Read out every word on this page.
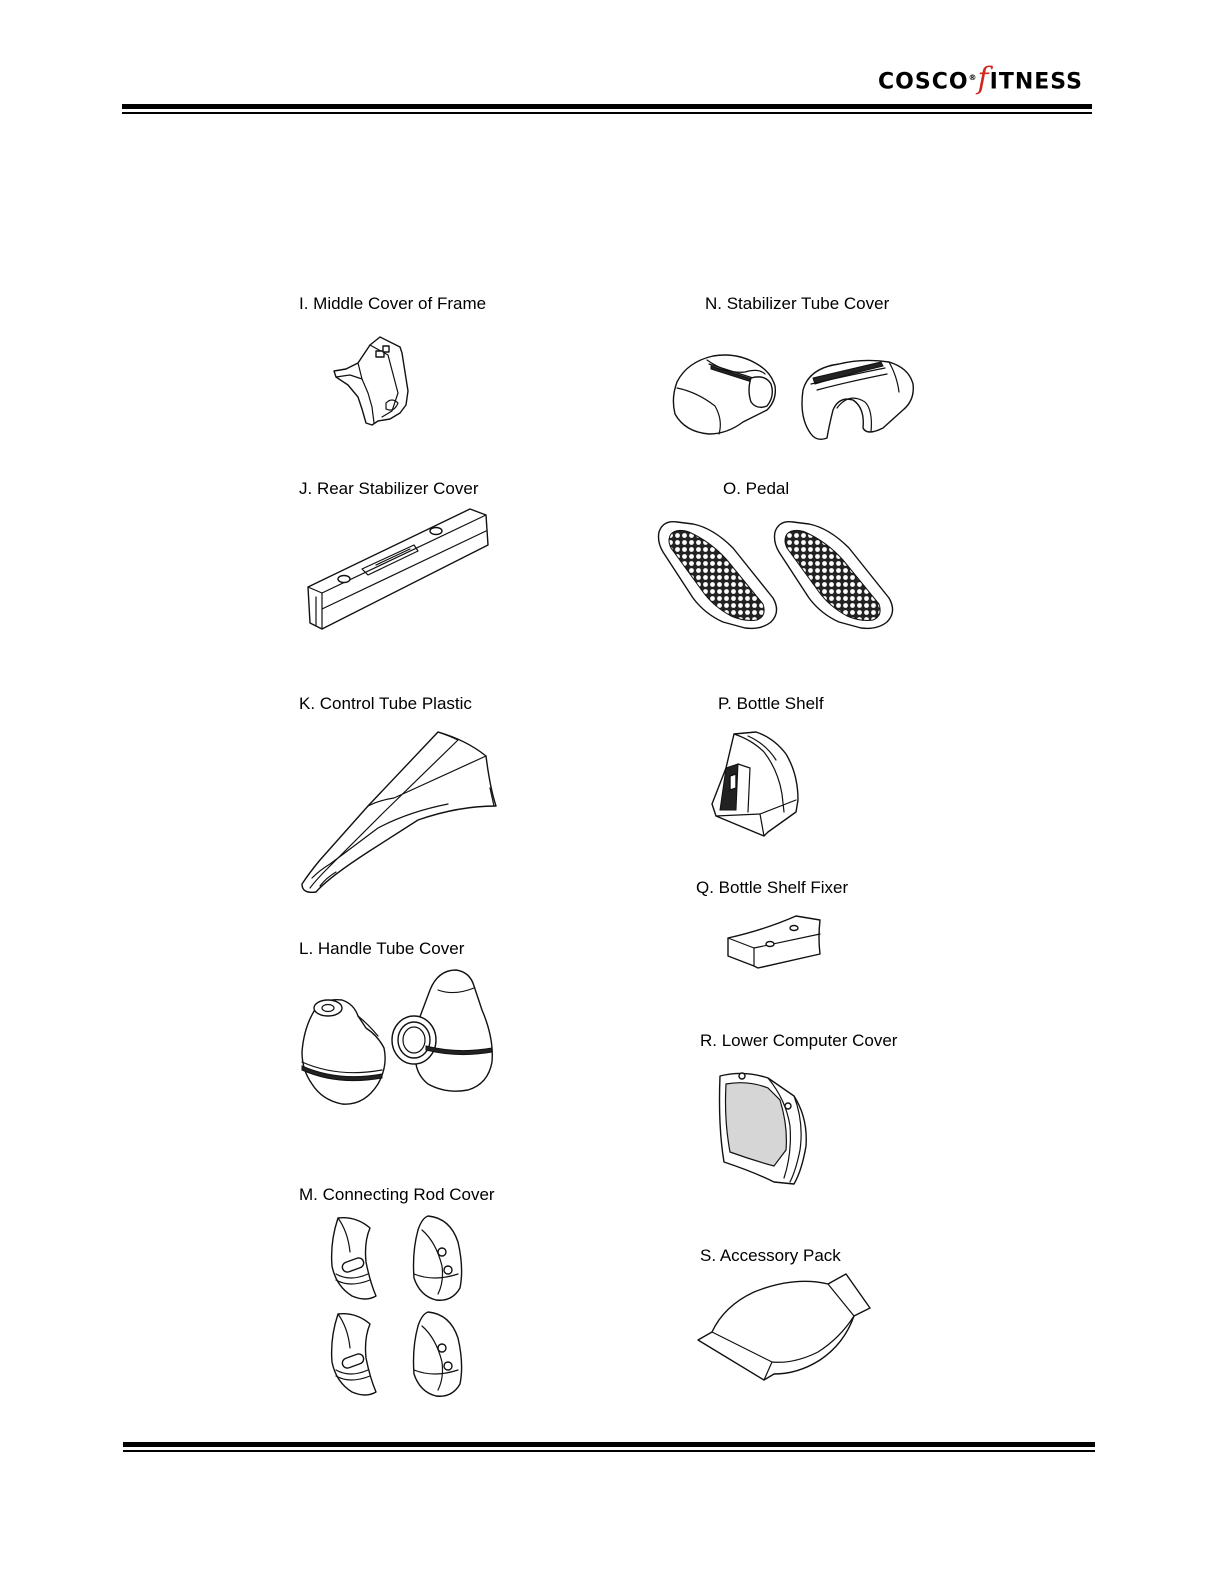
COSCO®fITNESS
I. Middle Cover of Frame
J. Rear Stabilizer Cover
K. Control Tube Plastic
L. Handle Tube Cover
M. Connecting Rod Cover
N. Stabilizer Tube Cover
O. Pedal
P. Bottle Shelf
Q. Bottle Shelf Fixer
R. Lower Computer Cover
S. Accessory Pack
